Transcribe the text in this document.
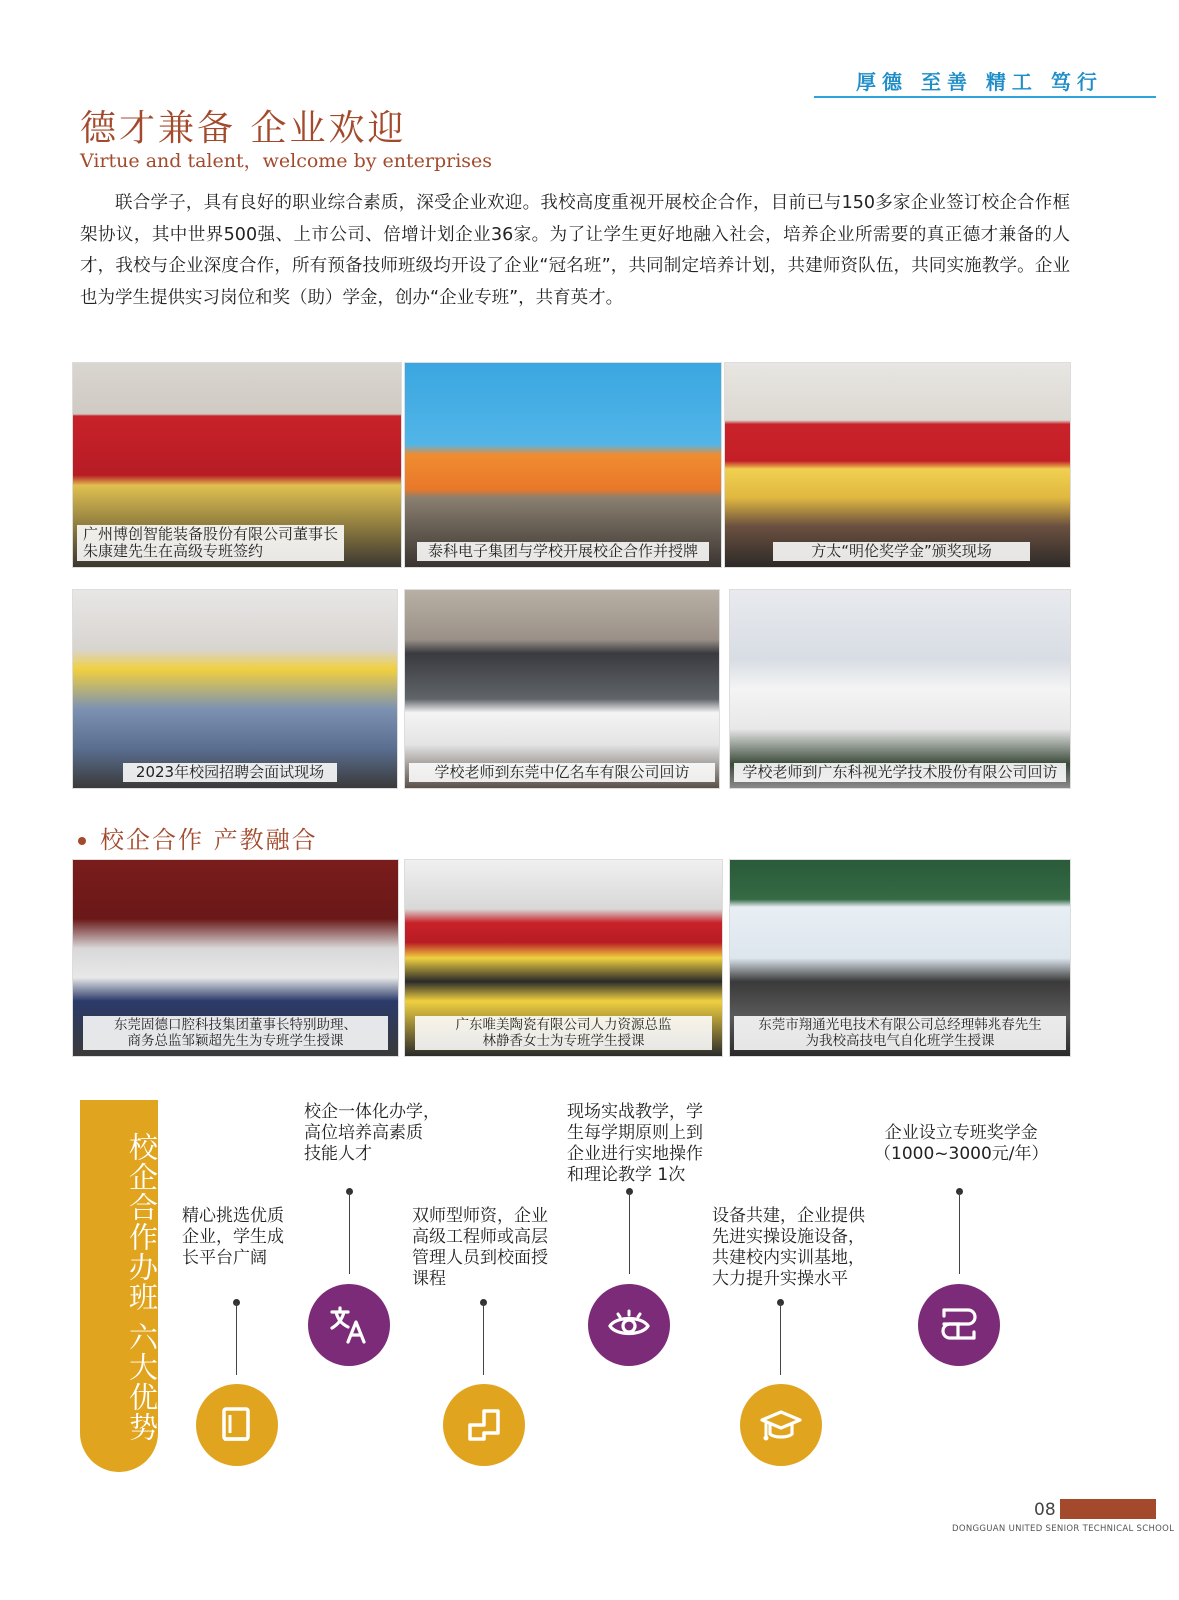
厚德 至善 精工 笃行
德才兼备 企业欢迎
Virtue and talent，welcome by enterprises

联合学子，具有良好的职业综合素质，深受企业欢迎。我校高度重视开展校企合作，目前已与150多家企业签订校企合作框架协议，其中世界500强、上市公司、倍增计划企业36家。为了让学生更好地融入社会，培养企业所需要的真正德才兼备的人才，我校与企业深度合作，所有预备技师班级均开设了企业“冠名班”，共同制定培养计划，共建师资队伍，共同实施教学。企业也为学生提供实习岗位和奖（助）学金，创办“企业专班”，共育英才。

广州博创智能装备股份有限公司董事长
朱康建先生在高级专班签约	泰科电子集团与学校开展校企合作并授牌	方太“明伦奖学金”颁奖现场
2023年校园招聘会面试现场	学校老师到东莞中亿名车有限公司回访	学校老师到广东科视光学技术股份有限公司回访
校企合作 产教融合
东莞固德口腔科技集团董事长特别助理、
商务总监邹颖超先生为专班学生授课
广东唯美陶瓷有限公司人力资源总监
林静香女士为专班学生授课
东莞市翔通光电技术有限公司总经理韩兆春先生
为我校高技电气自化班学生授课
校企合作办班 六大优势 精心挑选优质
企业，学生成
长平台广阔
校企一体化办学，
高位培养高素质
技能人才
双师型师资，企业
高级工程师或高层
管理人员到校面授
课程
现场实战教学，学
生每学期原则上到
企业进行实地操作
和理论教学 1次
设备共建，企业提供
先进实操设施设备，
共建校内实训基地，
大力提升实操水平
企业设立专班奖学金
（1000~3000元/年）
08
DONGGUAN UNITED SENIOR TECHNICAL SCHOOL
